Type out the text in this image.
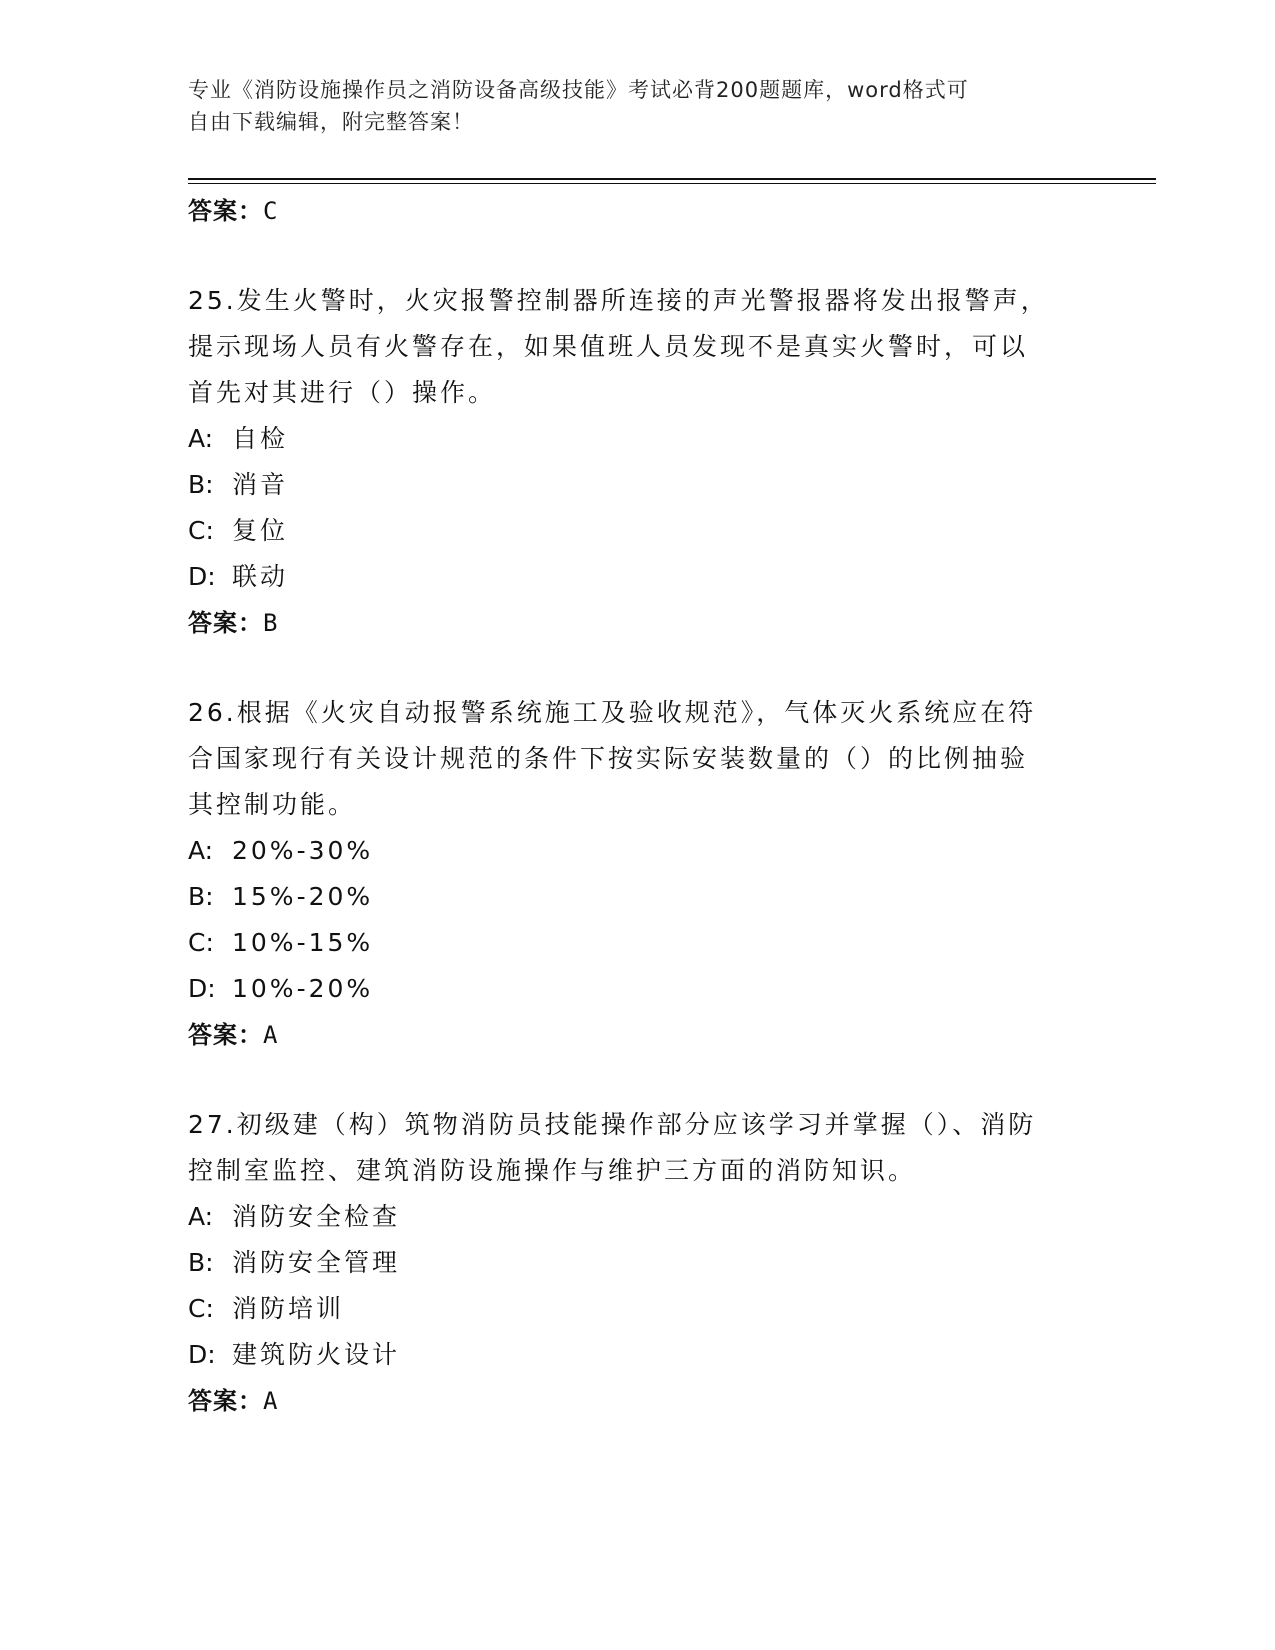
专业《消防设施操作员之消防设备高级技能》考试必背200题题库，word格式可
自由下载编辑，附完整答案！
答案：C
25.发生火警时，火灾报警控制器所连接的声光警报器将发出报警声，
提示现场人员有火警存在，如果值班人员发现不是真实火警时，可以
首先对其进行（）操作。
A: 自检
B: 消音
C: 复位
D: 联动
答案：B
26.根据《火灾自动报警系统施工及验收规范》，气体灭火系统应在符
合国家现行有关设计规范的条件下按实际安装数量的（）的比例抽验
其控制功能。
A: 20%-30%
B: 15%-20%
C: 10%-15%
D: 10%-20%
答案：A
27.初级建（构）筑物消防员技能操作部分应该学习并掌握（）、消防
控制室监控、建筑消防设施操作与维护三方面的消防知识。
A: 消防安全检查
B: 消防安全管理
C: 消防培训
D: 建筑防火设计
答案：A
